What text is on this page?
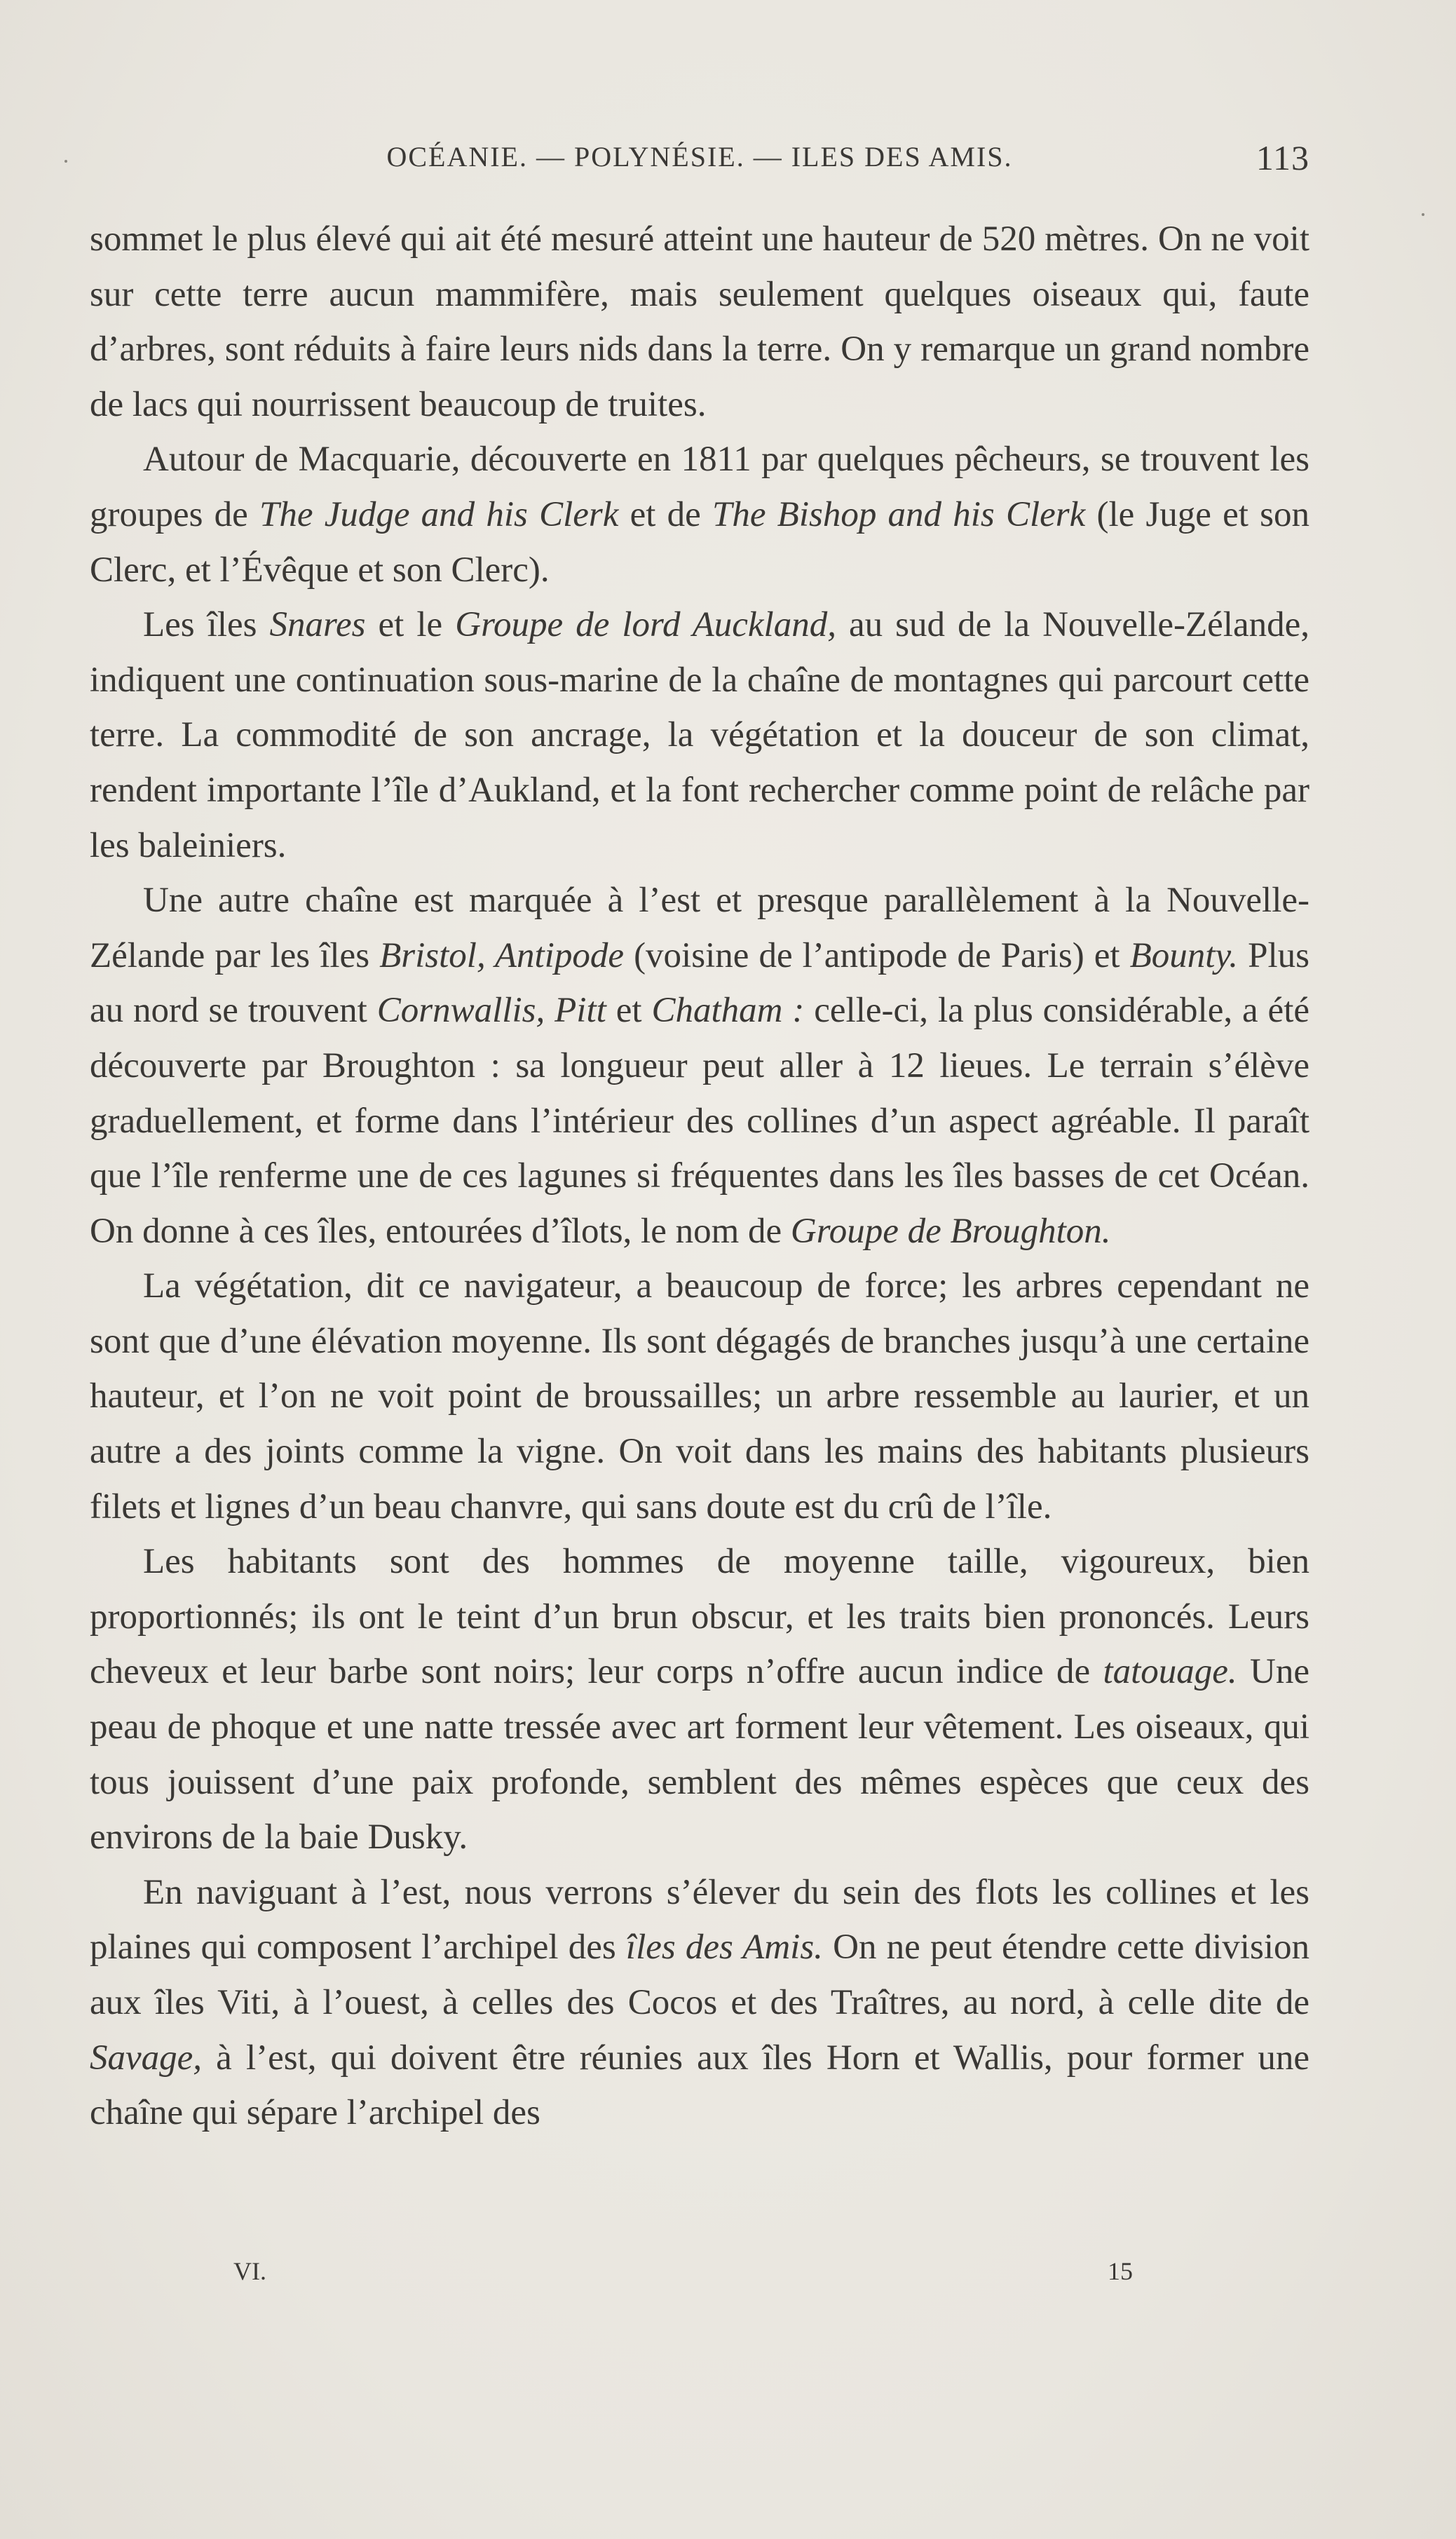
OCÉANIE. — POLYNÉSIE. — ILES DES AMIS.	113

sommet le plus élevé qui ait été mesuré atteint une hauteur de 520 mètres. On ne voit sur cette terre aucun mammifère, mais seulement quelques oiseaux qui, faute d’arbres, sont réduits à faire leurs nids dans la terre. On y remarque un grand nombre de lacs qui nourrissent beaucoup de truites.

Autour de Macquarie, découverte en 1811 par quelques pêcheurs, se trouvent les groupes de The Judge and his Clerk et de The Bishop and his Clerk (le Juge et son Clerc, et l’Évêque et son Clerc).

Les îles Snares et le Groupe de lord Auckland, au sud de la Nouvelle-Zélande, indiquent une continuation sous-marine de la chaîne de montagnes qui parcourt cette terre. La commodité de son ancrage, la végétation et la douceur de son climat, rendent importante l’île d’Aukland, et la font rechercher comme point de relâche par les baleiniers.

Une autre chaîne est marquée à l’est et presque parallèlement à la Nouvelle-Zélande par les îles Bristol, Antipode (voisine de l’antipode de Paris) et Bounty. Plus au nord se trouvent Cornwallis, Pitt et Chatham : celle-ci, la plus considérable, a été découverte par Broughton : sa longueur peut aller à 12 lieues. Le terrain s’élève graduellement, et forme dans l’intérieur des collines d’un aspect agréable. Il paraît que l’île renferme une de ces lagunes si fréquentes dans les îles basses de cet Océan. On donne à ces îles, entourées d’îlots, le nom de Groupe de Broughton.

La végétation, dit ce navigateur, a beaucoup de force; les arbres cependant ne sont que d’une élévation moyenne. Ils sont dégagés de branches jusqu’à une certaine hauteur, et l’on ne voit point de broussailles; un arbre ressemble au laurier, et un autre a des joints comme la vigne. On voit dans les mains des habitants plusieurs filets et lignes d’un beau chanvre, qui sans doute est du crû de l’île.

Les habitants sont des hommes de moyenne taille, vigoureux, bien proportionnés; ils ont le teint d’un brun obscur, et les traits bien prononcés. Leurs cheveux et leur barbe sont noirs; leur corps n’offre aucun indice de tatouage. Une peau de phoque et une natte tressée avec art forment leur vêtement. Les oiseaux, qui tous jouissent d’une paix profonde, semblent des mêmes espèces que ceux des environs de la baie Dusky.

En naviguant à l’est, nous verrons s’élever du sein des flots les collines et les plaines qui composent l’archipel des îles des Amis. On ne peut étendre cette division aux îles Viti, à l’ouest, à celles des Cocos et des Traîtres, au nord, à celle dite de Savage, à l’est, qui doivent être réunies aux îles Horn et Wallis, pour former une chaîne qui sépare l’archipel des

VI.	15
